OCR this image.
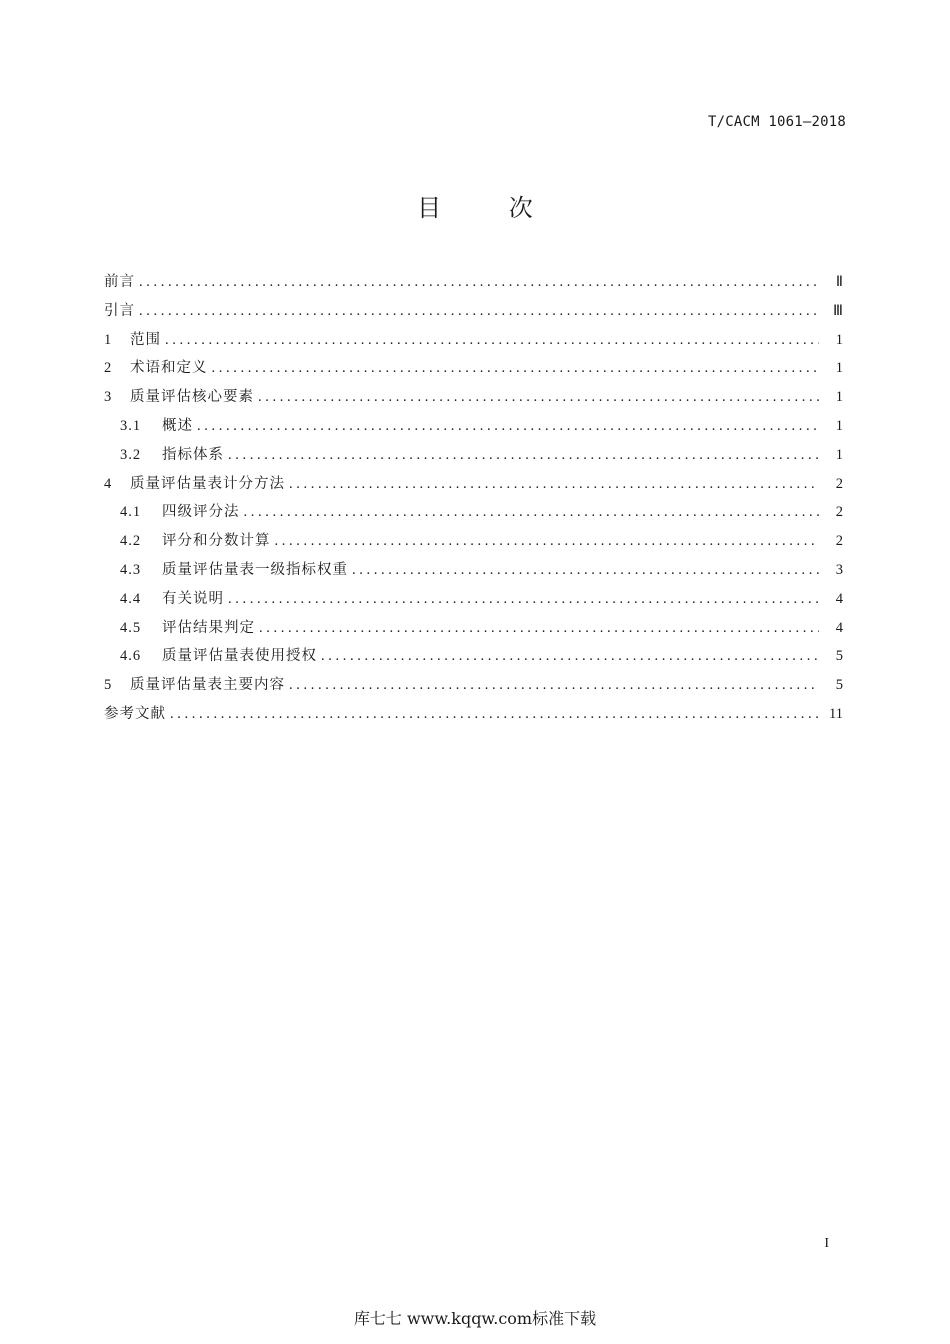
T/CACM 1061—2018
目 次
前言 . . .	Ⅱ
引言 . . .	Ⅲ
1	范围 . . .	1
2	术语和定义 . . .	1
3	质量评估核心要素 . . .	1
3.1	概述 . . .	1
3.2	指标体系 . . .	1
4	质量评估量表计分方法 . . .	2
4.1	四级评分法 . . .	2
4.2	评分和分数计算 . . .	2
4.3	质量评估量表一级指标权重 . . .	3
4.4	有关说明 . . .	4
4.5	评估结果判定 . . .	4
4.6	质量评估量表使用授权 . . .	5
5	质量评估量表主要内容 . . .	5
参考文献 . . .	11
I
库七七 www.kqqw.com标准下载
